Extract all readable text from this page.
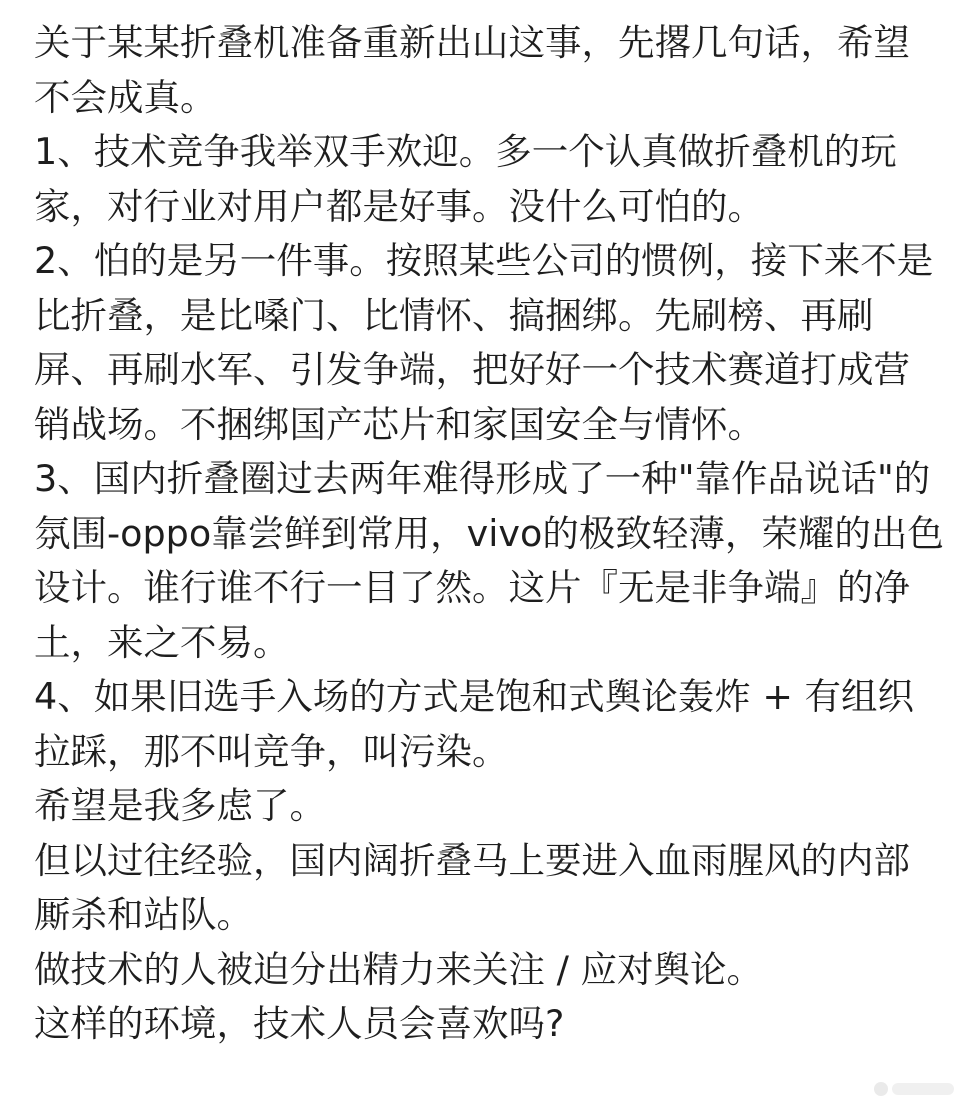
关于某某折叠机准备重新出山这事，先撂几句话，希望不会成真。

1、技术竞争我举双手欢迎。多一个认真做折叠机的玩家，对行业对用户都是好事。没什么可怕的。

2、怕的是另一件事。按照某些公司的惯例，接下来不是比折叠，是比嗓门、比情怀、搞捆绑。先刷榜、再刷屏、再刷水军、引发争端，把好好一个技术赛道打成营销战场。不捆绑国产芯片和家国安全与情怀。

3、国内折叠圈过去两年难得形成了一种"靠作品说话"的氛围-oppo靠尝鲜到常用，vivo的极致轻薄，荣耀的出色设计。谁行谁不行一目了然。这片『无是非争端』的净土，来之不易。

4、如果旧选手入场的方式是饱和式舆论轰炸 + 有组织拉踩，那不叫竞争，叫污染。

希望是我多虑了。

但以过往经验，国内阔折叠马上要进入血雨腥风的内部厮杀和站队。

做技术的人被迫分出精力来关注 / 应对舆论。

这样的环境，技术人员会喜欢吗?
